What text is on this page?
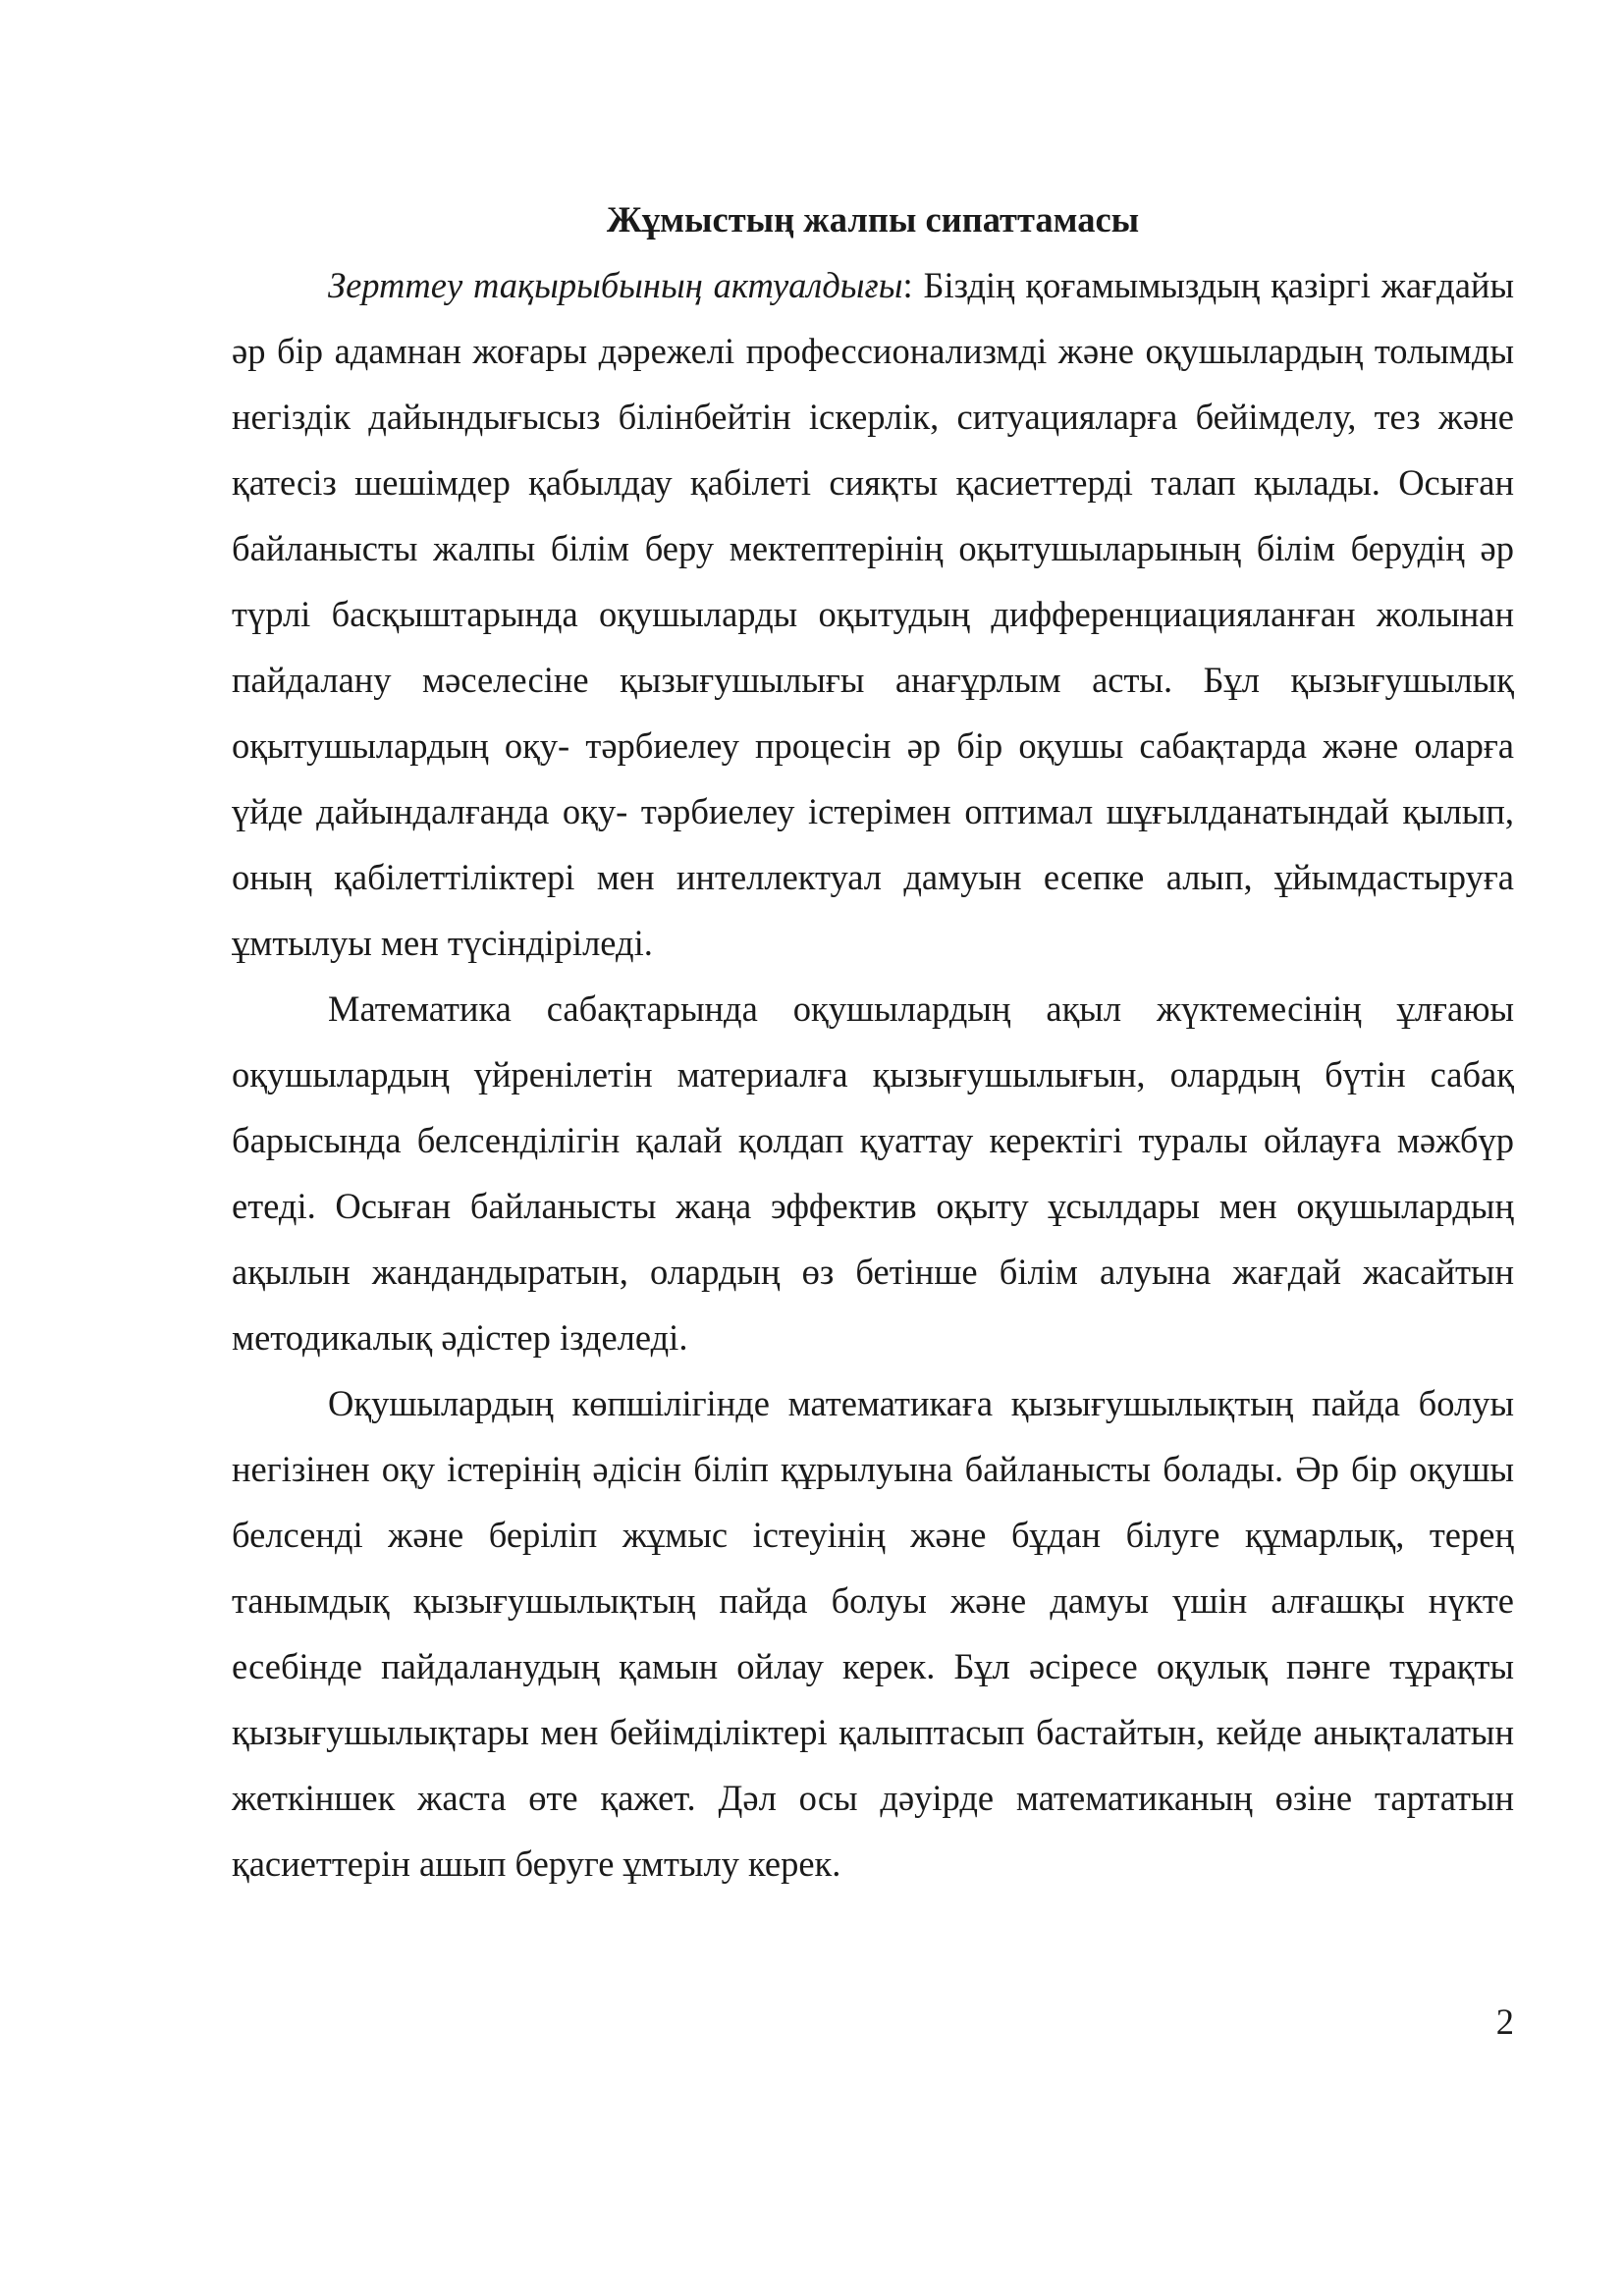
Жұмыстың жалпы сипаттамасы

Зерттеу тақырыбының актуалдығы: Біздің қоғамымыздың қазіргі жағдайы әр бір адамнан жоғары дәрежелі профессионализмді және оқушылардың толымды негіздік дайындығысыз білінбейтін іскерлік, ситуацияларға бейімделу, тез және қатесіз шешімдер қабылдау қабілеті сияқты қасиеттерді талап қылады. Осыған байланысты жалпы білім беру мектептерінің оқытушыларының білім берудің әр түрлі басқыштарында оқушыларды оқытудың дифференциацияланған жолынан пайдалану мәселесіне қызығушылығы анағұрлым асты. Бұл қызығушылық оқытушылардың оқу- тәрбиелеу процесін әр бір оқушы сабақтарда және оларға үйде дайындалғанда оқу- тәрбиелеу істерімен оптимал шұғылданатындай қылып, оның қабілеттіліктері мен интеллектуал дамуын есепке алып, ұйымдастыруға ұмтылуы мен түсіндіріледі.

Математика сабақтарында оқушылардың ақыл жүктемесінің ұлғаюы оқушылардың үйренілетін материалға қызығушылығын, олардың бүтін сабақ барысында белсенділігін қалай қолдап қуаттау керектігі туралы ойлауға мәжбүр етеді. Осыған байланысты жаңа эффектив оқыту ұсылдары мен оқушылардың ақылын жандандыратын, олардың өз бетінше білім алуына жағдай жасайтын методикалық әдістер ізделеді.

Оқушылардың көпшілігінде математикаға қызығушылықтың пайда болуы негізінен оқу істерінің әдісін біліп құрылуына байланысты болады. Әр бір оқушы белсенді және беріліп жұмыс істеуінің және бұдан білуге құмарлық, терең танымдық қызығушылықтың пайда болуы және дамуы үшін алғашқы нүкте есебінде пайдаланудың қамын ойлау керек. Бұл әсіресе оқулық пәнге тұрақты қызығушылықтары мен бейімділіктері қалыптасып бастайтын, кейде анықталатын жеткіншек жаста өте қажет. Дәл осы дәуірде математиканың өзіне тартатын қасиеттерін ашып беруге ұмтылу керек.

2
